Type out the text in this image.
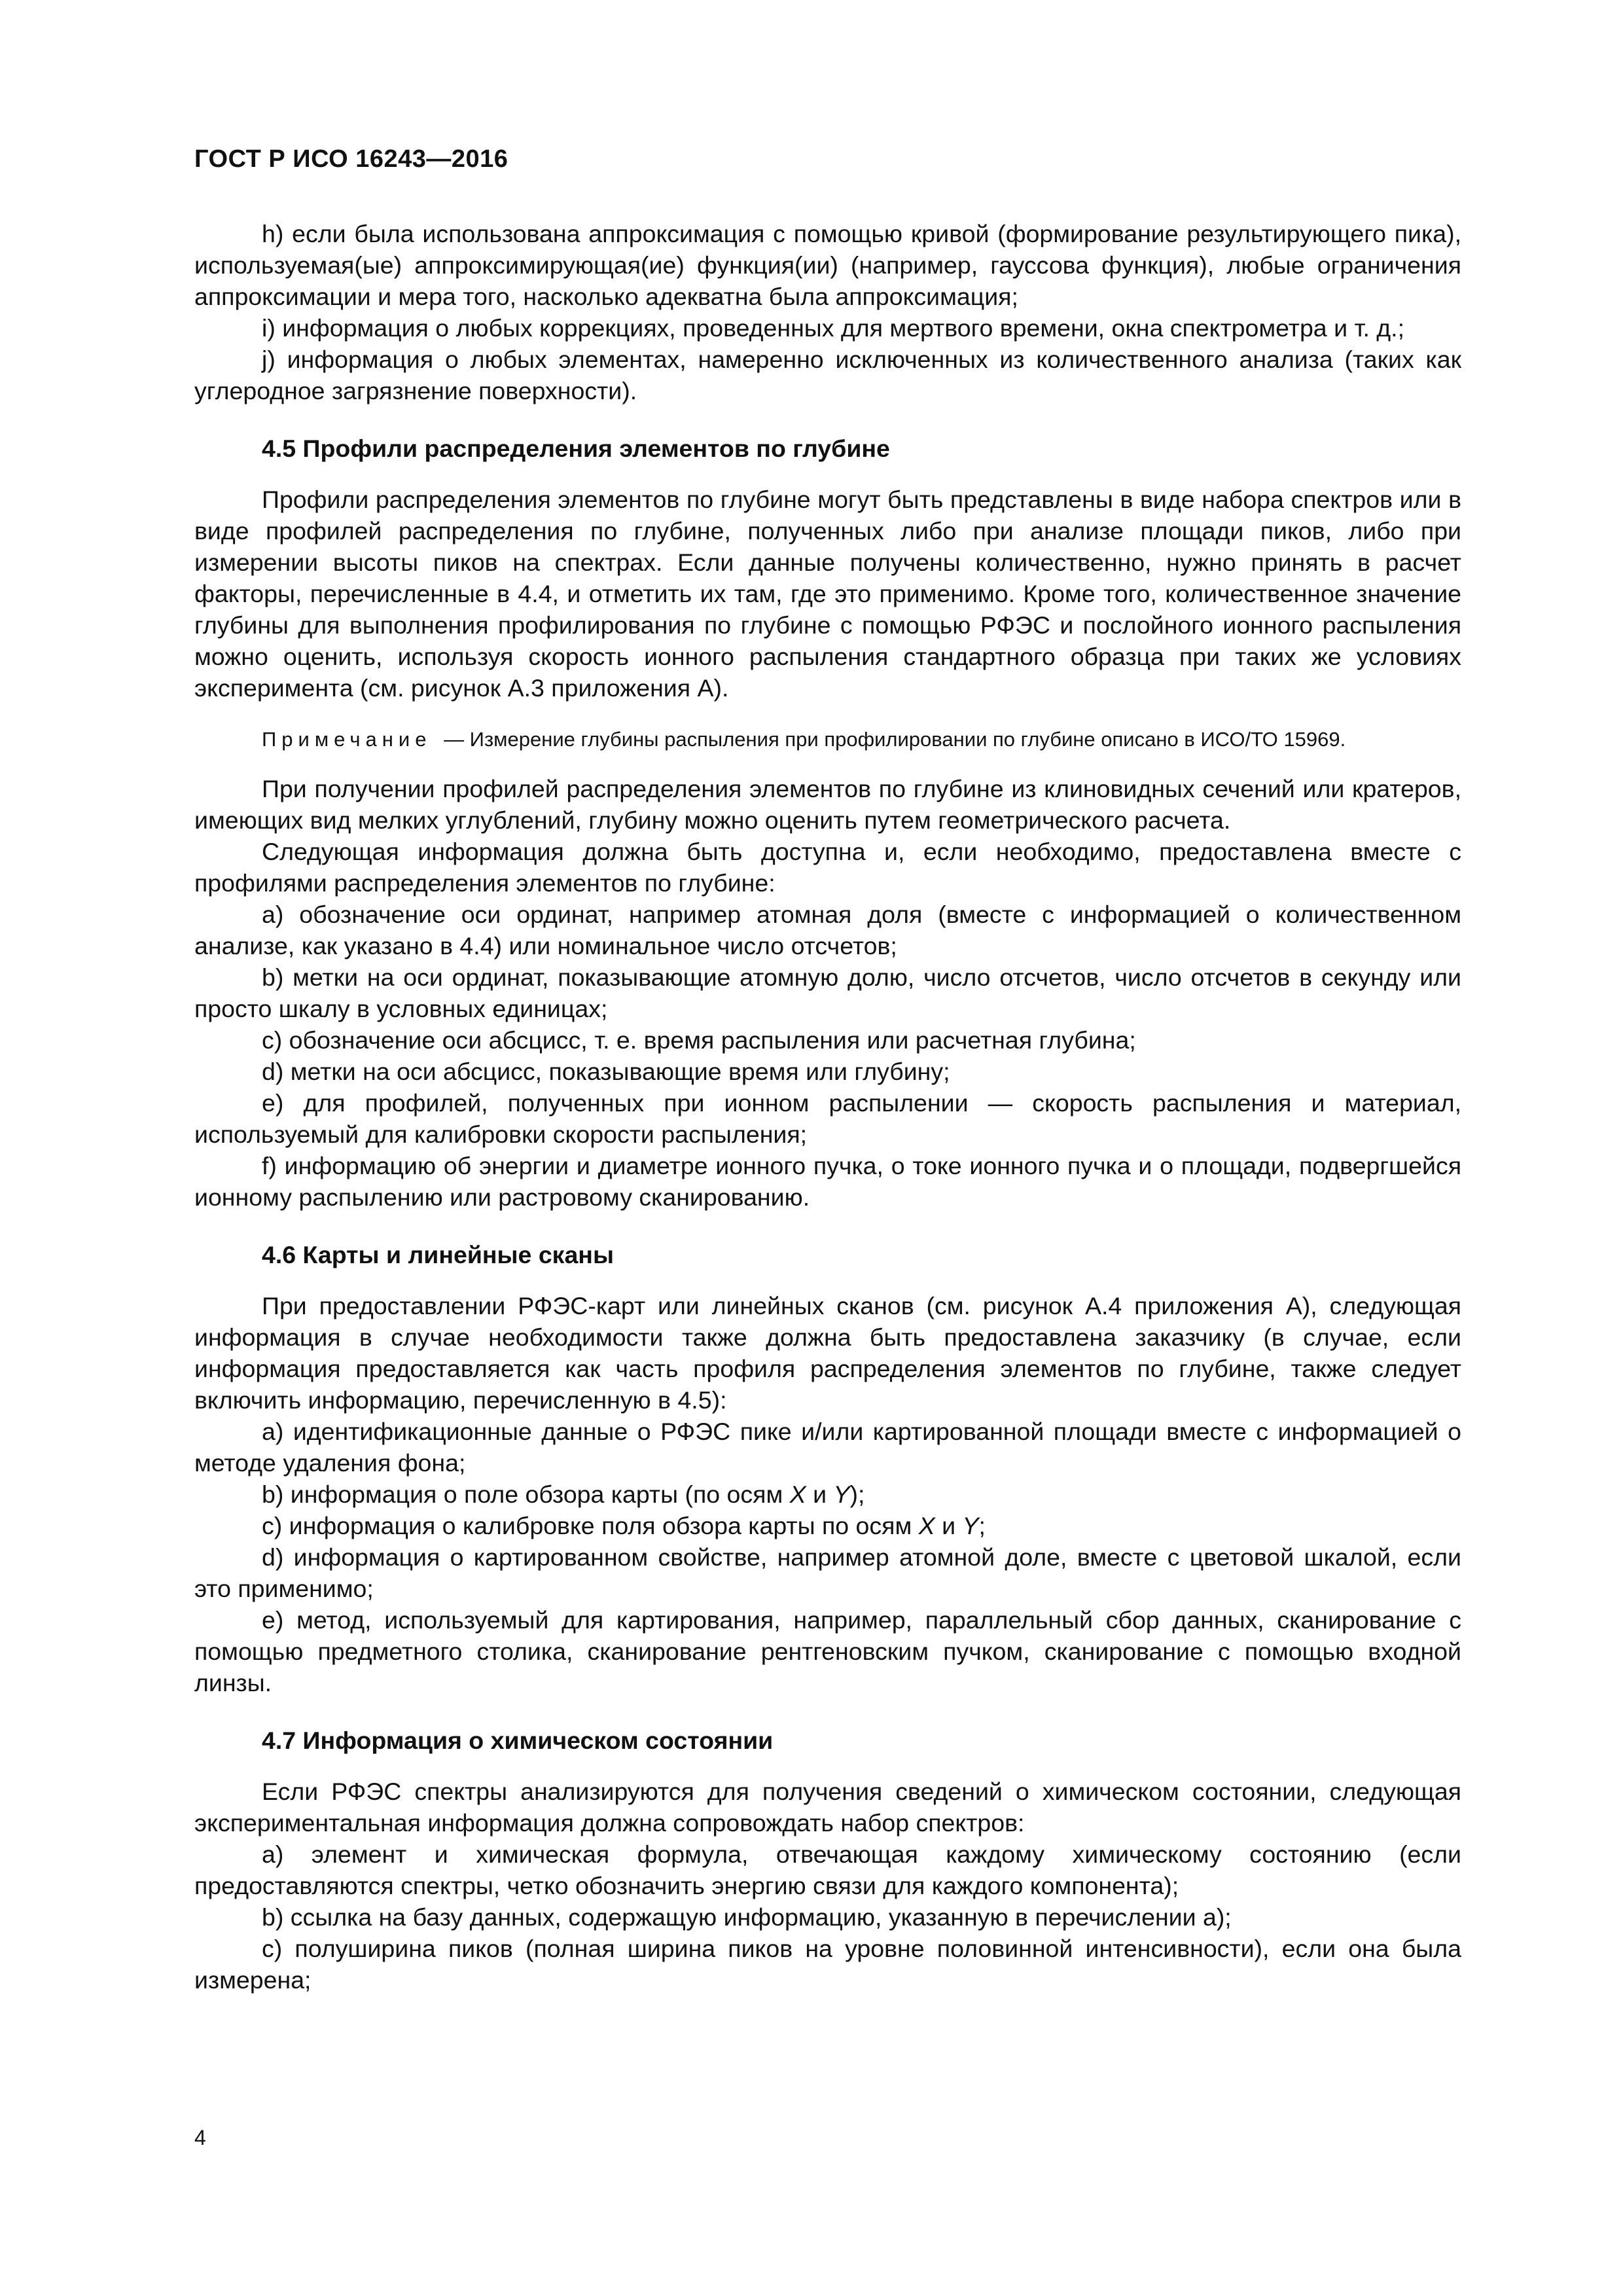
ГОСТ Р ИСО 16243—2016

h) если была использована аппроксимация с помощью кривой (формирование результирующего пика), используемая(ые) аппроксимирующая(ие) функция(ии) (например, гауссова функция), любые ограничения аппроксимации и мера того, насколько адекватна была аппроксимация;

i) информация о любых коррекциях, проведенных для мертвого времени, окна спектрометра и т. д.;

j) информация о любых элементах, намеренно исключенных из количественного анализа (таких как углеродное загрязнение поверхности).

4.5 Профили распределения элементов по глубине

Профили распределения элементов по глубине могут быть представлены в виде набора спектров или в виде профилей распределения по глубине, полученных либо при анализе площади пиков, либо при измерении высоты пиков на спектрах. Если данные получены количественно, нужно принять в расчет факторы, перечисленные в 4.4, и отметить их там, где это применимо. Кроме того, количественное значение глубины для выполнения профилирования по глубине с помощью РФЭС и послойного ионного распыления можно оценить, используя скорость ионного распыления стандартного образца при таких же условиях эксперимента (см. рисунок А.3 приложения А).

Примечание — Измерение глубины распыления при профилировании по глубине описано в ИСО/ТО 15969.

При получении профилей распределения элементов по глубине из клиновидных сечений или кратеров, имеющих вид мелких углублений, глубину можно оценить путем геометрического расчета.

Следующая информация должна быть доступна и, если необходимо, предоставлена вместе с профилями распределения элементов по глубине:

a) обозначение оси ординат, например атомная доля (вместе с информацией о количественном анализе, как указано в 4.4) или номинальное число отсчетов;

b) метки на оси ординат, показывающие атомную долю, число отсчетов, число отсчетов в секунду или просто шкалу в условных единицах;

c) обозначение оси абсцисс, т. е. время распыления или расчетная глубина;

d) метки на оси абсцисс, показывающие время или глубину;

e) для профилей, полученных при ионном распылении — скорость распыления и материал, используемый для калибровки скорости распыления;

f) информацию об энергии и диаметре ионного пучка, о токе ионного пучка и о площади, подвергшейся ионному распылению или растровому сканированию.

4.6 Карты и линейные сканы

При предоставлении РФЭС-карт или линейных сканов (см. рисунок А.4 приложения А), следующая информация в случае необходимости также должна быть предоставлена заказчику (в случае, если информация предоставляется как часть профиля распределения элементов по глубине, также следует включить информацию, перечисленную в 4.5):

a) идентификационные данные о РФЭС пике и/или картированной площади вместе с информацией о методе удаления фона;

b) информация о поле обзора карты (по осям X и Y);

c) информация о калибровке поля обзора карты по осям X и Y;

d) информация о картированном свойстве, например атомной доле, вместе с цветовой шкалой, если это применимо;

e) метод, используемый для картирования, например, параллельный сбор данных, сканирование с помощью предметного столика, сканирование рентгеновским пучком, сканирование с помощью входной линзы.

4.7 Информация о химическом состоянии

Если РФЭС спектры анализируются для получения сведений о химическом состоянии, следующая экспериментальная информация должна сопровождать набор спектров:

a) элемент и химическая формула, отвечающая каждому химическому состоянию (если предоставляются спектры, четко обозначить энергию связи для каждого компонента);

b) ссылка на базу данных, содержащую информацию, указанную в перечислении а);

c) полуширина пиков (полная ширина пиков на уровне половинной интенсивности), если она была измерена;

4
